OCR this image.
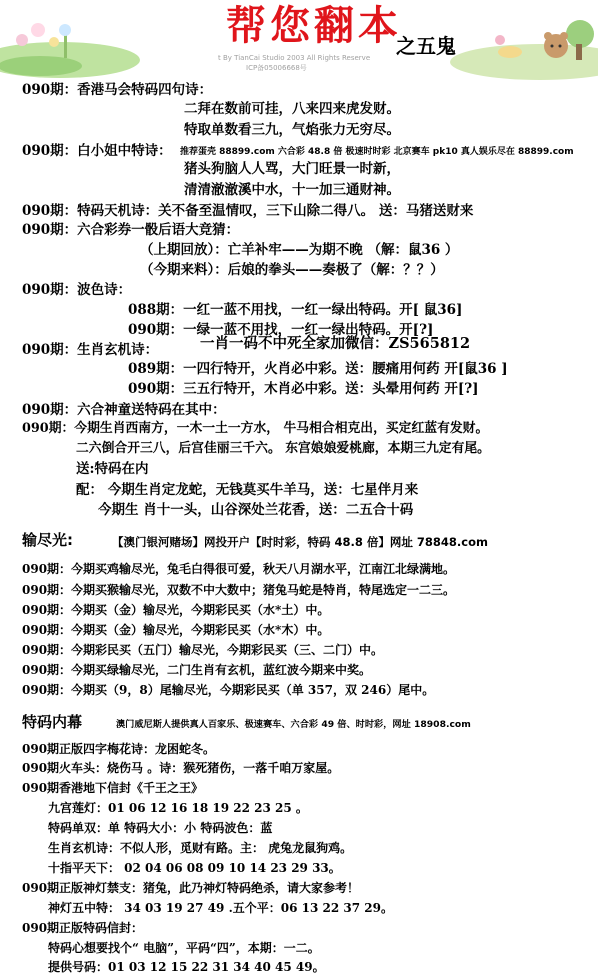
帮您翻本
之五鬼
t By TianCai Studio 2003 All Rights Reserve
ICP备05006668号
090期：香港马会特码四句诗：
二拜在数前可挂，八来四来虎发财。
特取单数看三九，气焰张力无穷尽。
090期：白小姐中特诗： 推荐蛋壳 88899.com 六合彩 48.8 倍 极速时时彩 北京赛车 pk10 真人娱乐尽在 88899.com
猪头狗脑人人骂，大门旺景一时新，
清清澈澈溪中水，十一加三通财神。
090期：特码天机诗：关不备至温情叹，三下山除二得八。 送：马猪送财来
090期：六合彩券一骰后语大竞猜：
（上期回放）：亡羊补牢——为期不晚 （解：鼠36 ）
（今期来料）：后娘的拳头——奏极了（解：？？）
090期：波色诗：
088期：一红一蓝不用找，一红一绿出特码。开[ 鼠36]
090期：一绿一蓝不用找，一红一绿出特码。开[?]
090期：生肖玄机诗：	一肖一码不中死全家加微信：ZS565812
089期：一四行特开，火肖必中彩。送：腰痛用何药 开[鼠36 ]
090期：三五行特开，木肖必中彩。送：头晕用何药 开[?]
090期：六合神童送特码在其中：
090期：今期生肖西南方，一木一土一方水， 牛马相合相克出，买定红蓝有发财。
二六倒合开三八，后宫佳丽三千六。 东宫娘娘爱桃廊，本期三九定有尾。
送:特码在内
配： 今期生肖定龙蛇，无钱莫买牛羊马，送：七星伴月来
今期生 肖十一头，山谷深处兰花香，送：二五合十码
输尽光:	【澳门银河赌场】网投开户【时时彩，特码 48.8 倍】网址 78848.com
090期：今期买鸡输尽光，兔毛白得很可爱，秋天八月湖水平，江南江北绿满地。
090期：今期买猴输尽光，双数不中大数中；猪兔马蛇是特肖，特尾选定一二三。
090期：今期买（金）输尽光，今期彩民买（水*土）中。
090期：今期买（金）输尽光，今期彩民买（水*木）中。
090期：今期彩民买（五门）输尽光，今期彩民买（三、二门）中。
090期：今期买绿输尽光，二门生肖有玄机，蓝红波今期来中奖。
090期：今期买（9，8）尾输尽光，今期彩民买（单 357，双 246）尾中。
特码内幕	澳门威尼斯人提供真人百家乐、极速赛车、六合彩 49 倍、时时彩，网址 18908.com
090期正版四字梅花诗：龙困蛇冬。
090期火车头：烧伤马 。诗：猴死猪伤，一落千咱万家屋。
090期香港地下信封《千王之王》
九宫莲灯：01 06 12 16 18 19 22 23 25 。
特码单双：单 特码大小：小 特码波色：蓝
生肖玄机诗：不似人形，觅财有路。主： 虎兔龙鼠狗鸡。
十指平天下： 02 04 06 08 09 10 14 23 29 33。
090期正版神灯禁支：猪兔，此乃神灯特码绝杀，请大家参考！
神灯五中特： 34 03 19 27 49 .五个平：06 13 22 37 29。
090期正版特码信封：
特码心想要找个“ 电脑”，平码“四”，本期：一二。
提供号码：01 03 12 15 22 31 34 40 45 49。
